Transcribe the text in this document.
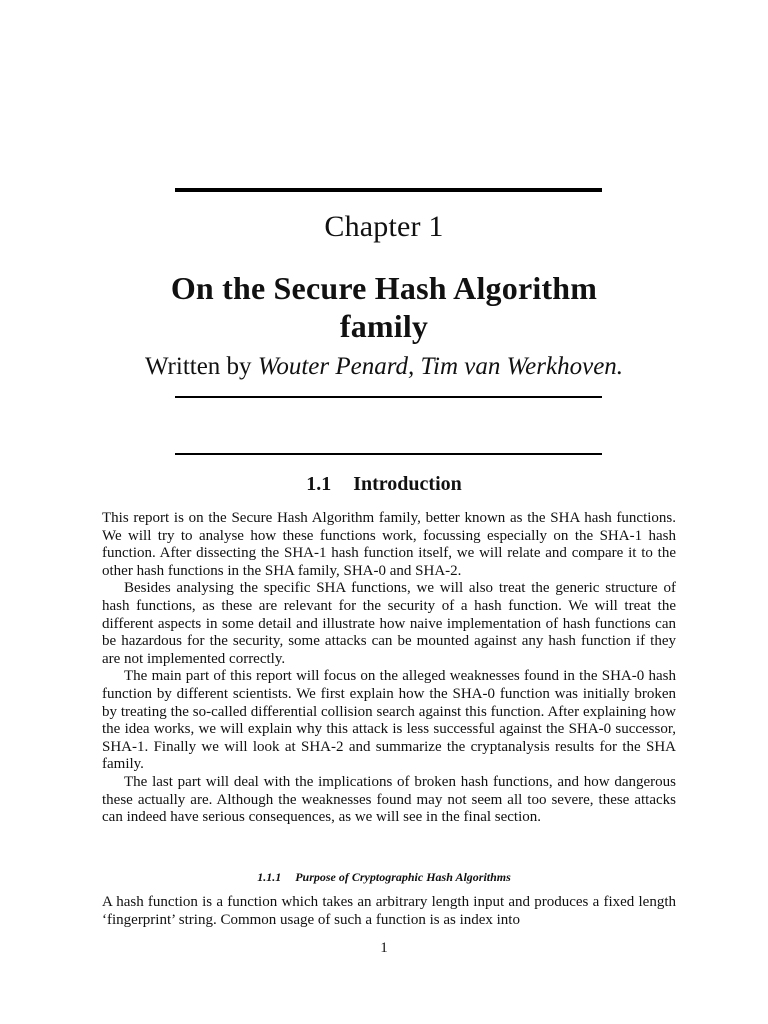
Chapter 1
On the Secure Hash Algorithm
family
Written by Wouter Penard, Tim van Werkhoven.
1.1 Introduction

This report is on the Secure Hash Algorithm family, better known as the SHA hash functions. We will try to analyse how these functions work, focussing especially on the SHA-1 hash function. After dissecting the SHA-1 hash function itself, we will relate and compare it to the other hash functions in the SHA family, SHA-0 and SHA-2.

Besides analysing the specific SHA functions, we will also treat the generic structure of hash functions, as these are relevant for the security of a hash function. We will treat the different aspects in some detail and illustrate how naive implementation of hash functions can be hazardous for the security, some attacks can be mounted against any hash function if they are not implemented correctly.

The main part of this report will focus on the alleged weaknesses found in the SHA-0 hash function by different scientists. We first explain how the SHA-0 function was initially broken by treating the so-called differential collision search against this function. After explaining how the idea works, we will explain why this attack is less successful against the SHA-0 successor, SHA-1. Finally we will look at SHA-2 and summarize the cryptanalysis results for the SHA family.

The last part will deal with the implications of broken hash functions, and how dangerous these actually are. Although the weaknesses found may not seem all too severe, these attacks can indeed have serious consequences, as we will see in the final section.

1.1.1 Purpose of Cryptographic Hash Algorithms

A hash function is a function which takes an arbitrary length input and produces a fixed length ‘fingerprint’ string. Common usage of such a function is as index into

1
